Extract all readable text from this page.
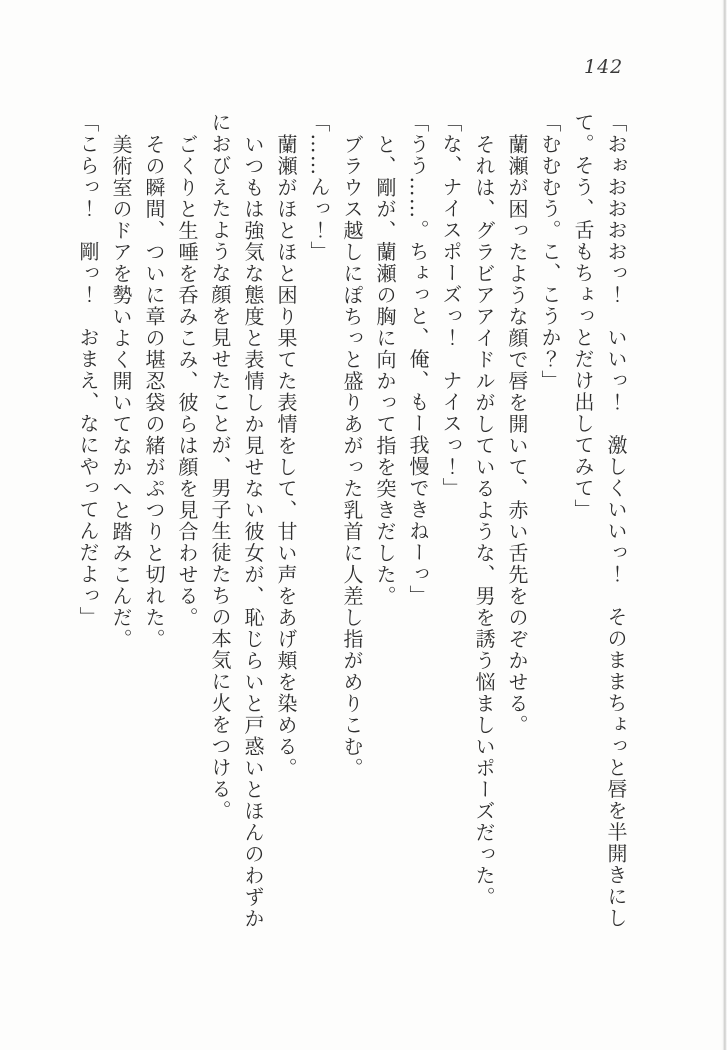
142
「おぉおおおおっ！　いいっ！　激しくいいっ！　そのままちょっと唇を半開きにし
て。そう、舌もちょっとだけ出してみて」
「むむむう。こ、こうか？」
蘭瀬が困ったような顔で唇を開いて、赤い舌先をのぞかせる。
それは、グラビアアイドルがしているような、男を誘う悩ましいポーズだった。
「な、ナイスポーズっ！　ナイスっ！」
「うう……。ちょっと、俺、もー我慢できねーっ」
と、剛が、蘭瀬の胸に向かって指を突きだした。
ブラウス越しにぽちっと盛りあがった乳首に人差し指がめりこむ。
「……んっ！」
蘭瀬がほとほと困り果てた表情をして、甘い声をあげ頬を染める。
いつもは強気な態度と表情しか見せない彼女が、恥じらいと戸惑いとほんのわずか
におびえたような顔を見せたことが、男子生徒たちの本気に火をつける。
ごくりと生唾を呑みこみ、彼らは顔を見合わせる。
その瞬間、ついに章の堪忍袋の緒がぷつりと切れた。
美術室のドアを勢いよく開いてなかへと踏みこんだ。
「こらっ！　剛っ！　おまえ、なにやってんだよっ」
